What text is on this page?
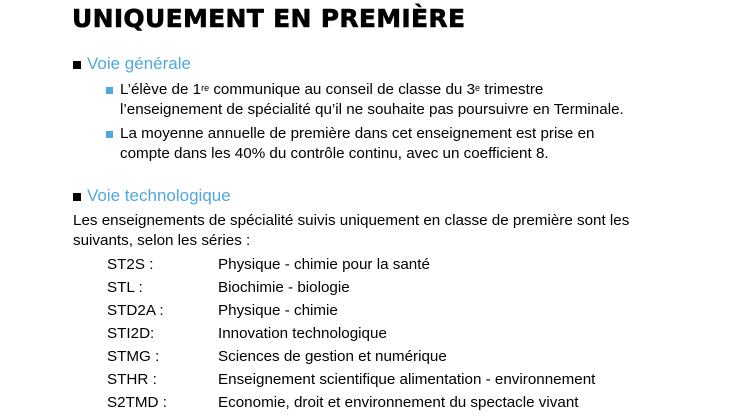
UNIQUEMENT EN PREMIÈRE
Voie générale
L’élève de 1re communique au conseil de classe du 3e trimestre
l’enseignement de spécialité qu’il ne souhaite pas poursuivre en Terminale.
La moyenne annuelle de première dans cet enseignement est prise en
compte dans les 40% du contrôle continu, avec un coefficient 8.
Voie technologique
Les enseignements de spécialité suivis uniquement en classe de première sont les
suivants, selon les séries :
ST2S :	Physique - chimie pour la santé
STL :	Biochimie - biologie
STD2A :	Physique - chimie
STI2D:	Innovation technologique
STMG :	Sciences de gestion et numérique
STHR :	Enseignement scientifique alimentation - environnement
S2TMD :	Economie, droit et environnement du spectacle vivant
